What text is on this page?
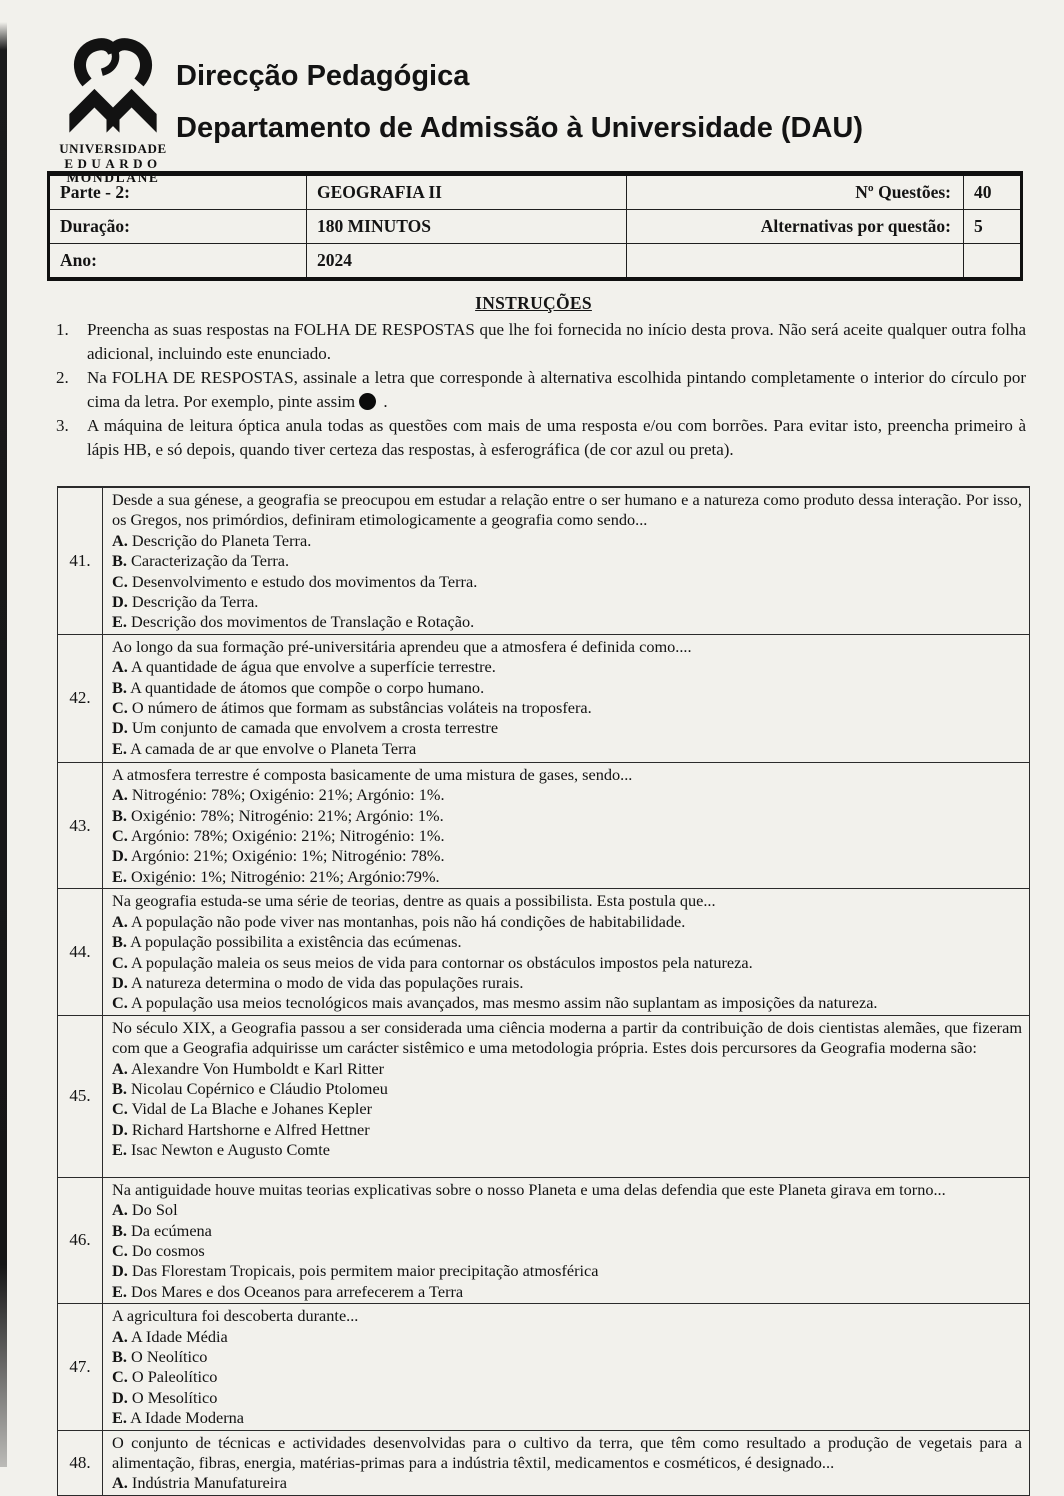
UNIVERSIDADE
EDUARDO
MONDLANE
Direcção Pedagógica
Departamento de Admissão à Universidade (DAU)
Parte - 2:	GEOGRAFIA II	Nº Questões:	40
Duração:	180 MINUTOS	Alternativas por questão:	5
Ano:	2024		
INSTRUÇÕES
1.	Preencha as suas respostas na FOLHA DE RESPOSTAS que lhe foi fornecida no início desta prova. Não será aceite qualquer outra folha adicional, incluindo este enunciado.
2.	Na FOLHA DE RESPOSTAS, assinale a letra que corresponde à alternativa escolhida pintando completamente o interior do círculo por cima da letra. Por exemplo, pinte assim .
3.	A máquina de leitura óptica anula todas as questões com mais de uma resposta e/ou com borrões. Para evitar isto, preencha primeiro à lápis HB, e só depois, quando tiver certeza das respostas, à esferográfica (de cor azul ou preta).
41.
Desde a sua génese, a geografia se preocupou em estudar a relação entre o ser humano e a natureza como produto dessa interação. Por isso, os Gregos, nos primórdios, definiram etimologicamente a geografia como sendo...
A. Descrição do Planeta Terra.
B. Caracterização da Terra.
C. Desenvolvimento e estudo dos movimentos da Terra.
D. Descrição da Terra.
E. Descrição dos movimentos de Translação e Rotação.
42.
Ao longo da sua formação pré-universitária aprendeu que a atmosfera é definida como....
A. A quantidade de água que envolve a superfície terrestre.
B. A quantidade de átomos que compõe o corpo humano.
C. O número de átimos que formam as substâncias voláteis na troposfera.
D. Um conjunto de camada que envolvem a crosta terrestre
E. A camada de ar que envolve o Planeta Terra
43.
A atmosfera terrestre é composta basicamente de uma mistura de gases, sendo...
A. Nitrogénio: 78%; Oxigénio: 21%; Argónio: 1%.
B. Oxigénio: 78%; Nitrogénio: 21%; Argónio: 1%.
C. Argónio: 78%; Oxigénio: 21%; Nitrogénio: 1%.
D. Argónio: 21%; Oxigénio: 1%; Nitrogénio: 78%.
E. Oxigénio: 1%; Nitrogénio: 21%; Argónio:79%.
44.
Na geografia estuda-se uma série de teorias, dentre as quais a possibilista. Esta postula que...
A. A população não pode viver nas montanhas, pois não há condições de habitabilidade.
B. A população possibilita a existência das ecúmenas.
C. A população maleia os seus meios de vida para contornar os obstáculos impostos pela natureza.
D. A natureza determina o modo de vida das populações rurais.
C. A população usa meios tecnológicos mais avançados, mas mesmo assim não suplantam as imposições da natureza.
45.
No século XIX, a Geografia passou a ser considerada uma ciência moderna a partir da contribuição de dois cientistas alemães, que fizeram com que a Geografia adquirisse um carácter sistêmico e uma metodologia própria. Estes dois percursores da Geografia moderna são:
A. Alexandre Von Humboldt e Karl Ritter
B. Nicolau Copérnico e Cláudio Ptolomeu
C. Vidal de La Blache e Johanes Kepler
D. Richard Hartshorne e Alfred Hettner
E. Isac Newton e Augusto Comte
46.
Na antiguidade houve muitas teorias explicativas sobre o nosso Planeta e uma delas defendia que este Planeta girava em torno...
A. Do Sol
B. Da ecúmena
C. Do cosmos
D. Das Florestam Tropicais, pois permitem maior precipitação atmosférica
E. Dos Mares e dos Oceanos para arrefecerem a Terra
47.
A agricultura foi descoberta durante...
A. A Idade Média
B. O Neolítico
C. O Paleolítico
D. O Mesolítico
E. A Idade Moderna
48.
O conjunto de técnicas e actividades desenvolvidas para o cultivo da terra, que têm como resultado a produção de vegetais para a alimentação, fibras, energia, matérias-primas para a indústria têxtil, medicamentos e cosméticos, é designado...
A. Indústria Manufatureira
